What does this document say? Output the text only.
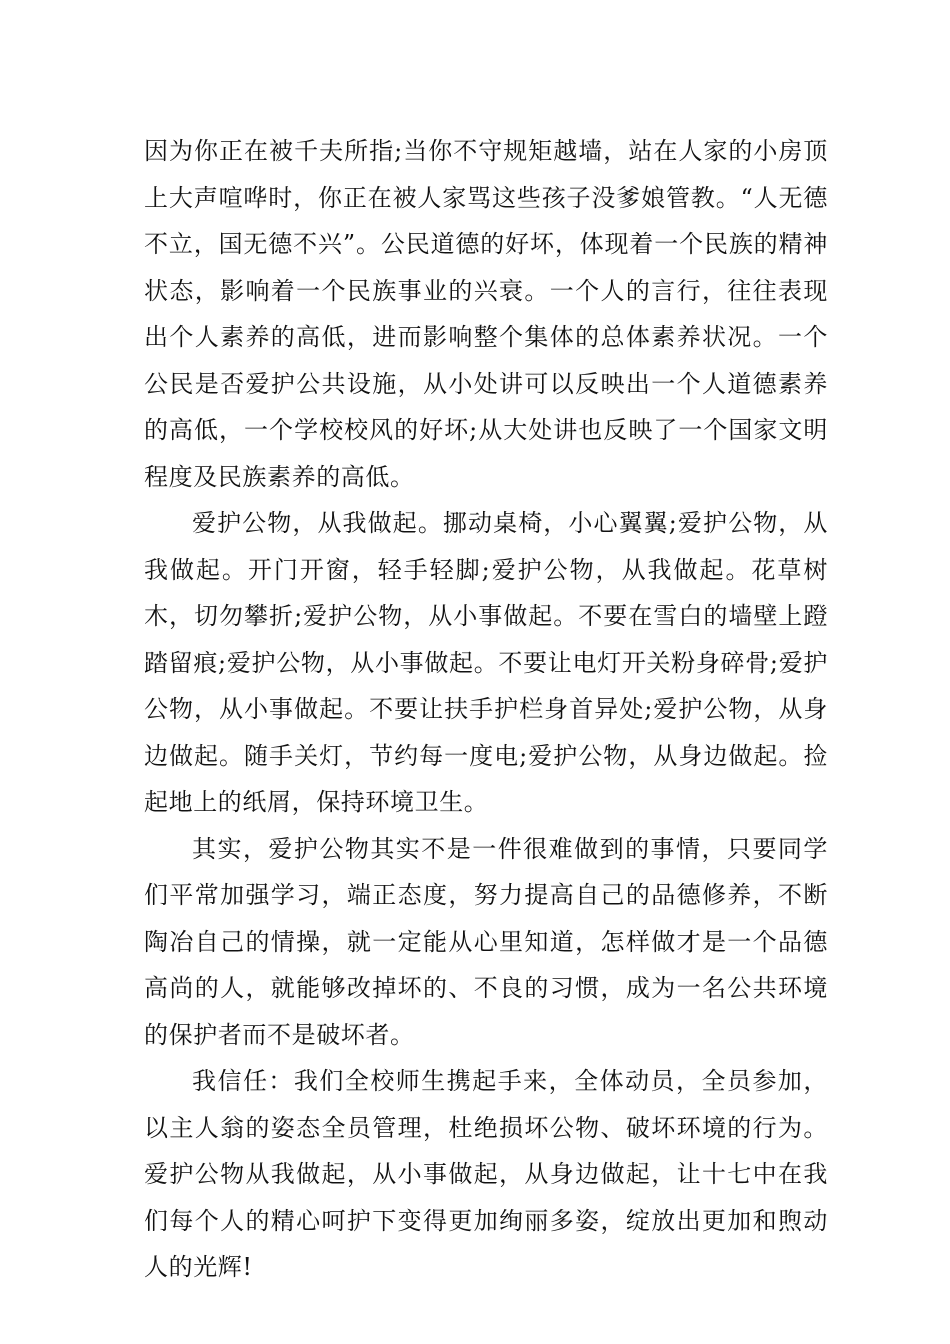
因为你正在被千夫所指;当你不守规矩越墙，站在人家的小房顶上大声喧哗时，你正在被人家骂这些孩子没爹娘管教。“人无德不立，国无德不兴”。公民道德的好坏，体现着一个民族的精神状态，影响着一个民族事业的兴衰。一个人的言行，往往表现出个人素养的高低，进而影响整个集体的总体素养状况。一个公民是否爱护公共设施，从小处讲可以反映出一个人道德素养的高低，一个学校校风的好坏;从大处讲也反映了一个国家文明程度及民族素养的高低。

爱护公物，从我做起。挪动桌椅，小心翼翼;爱护公物，从我做起。开门开窗，轻手轻脚;爱护公物，从我做起。花草树木，切勿攀折;爱护公物，从小事做起。不要在雪白的墙壁上蹬踏留痕;爱护公物，从小事做起。不要让电灯开关粉身碎骨;爱护公物，从小事做起。不要让扶手护栏身首异处;爱护公物，从身边做起。随手关灯，节约每一度电;爱护公物，从身边做起。捡起地上的纸屑，保持环境卫生。

其实，爱护公物其实不是一件很难做到的事情，只要同学们平常加强学习，端正态度，努力提高自己的品德修养，不断陶冶自己的情操，就一定能从心里知道，怎样做才是一个品德高尚的人，就能够改掉坏的、不良的习惯，成为一名公共环境的保护者而不是破坏者。

我信任：我们全校师生携起手来，全体动员，全员参加，以主人翁的姿态全员管理，杜绝损坏公物、破坏环境的行为。爱护公物从我做起，从小事做起，从身边做起，让十七中在我们每个人的精心呵护下变得更加绚丽多姿，绽放出更加和煦动人的光辉!
